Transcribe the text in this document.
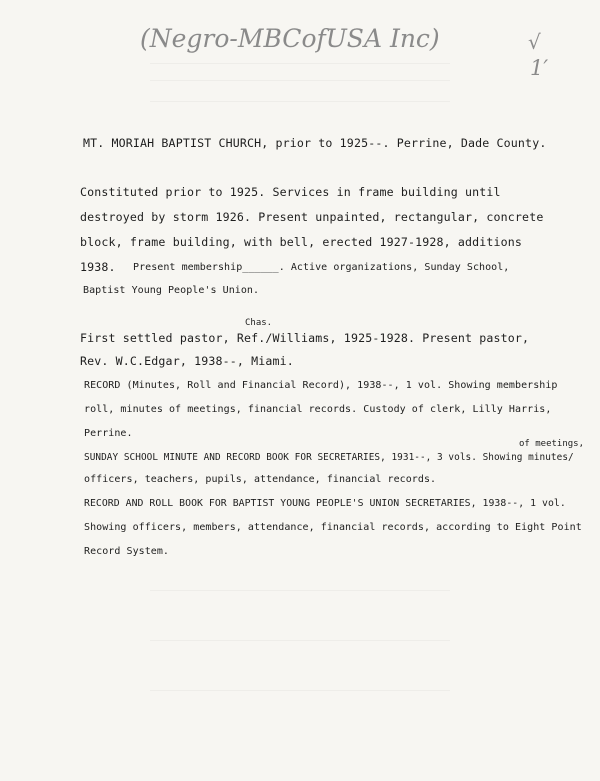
(Negro-MBCofUSA Inc)	√
1′
MT. MORIAH BAPTIST CHURCH, prior to 1925--. Perrine, Dade County.
Constituted prior to 1925. Services in frame building until
destroyed by storm 1926. Present unpainted, rectangular, concrete
block, frame building, with bell, erected 1927-1928, additions
1938. Present membership______. Active organizations, Sunday School,
Baptist Young People's Union.
Chas.
First settled pastor, Ref./Williams, 1925-1928. Present pastor,
Rev. W.C.Edgar, 1938--, Miami.
RECORD (Minutes, Roll and Financial Record), 1938--, 1 vol. Showing membership
roll, minutes of meetings, financial records. Custody of clerk, Lilly Harris,
Perrine.
of meetings,
SUNDAY SCHOOL MINUTE AND RECORD BOOK FOR SECRETARIES, 1931--, 3 vols. Showing minutes/
officers, teachers, pupils, attendance, financial records.
RECORD AND ROLL BOOK FOR BAPTIST YOUNG PEOPLE'S UNION SECRETARIES, 1938--, 1 vol.
Showing officers, members, attendance, financial records, according to Eight Point
Record System.
